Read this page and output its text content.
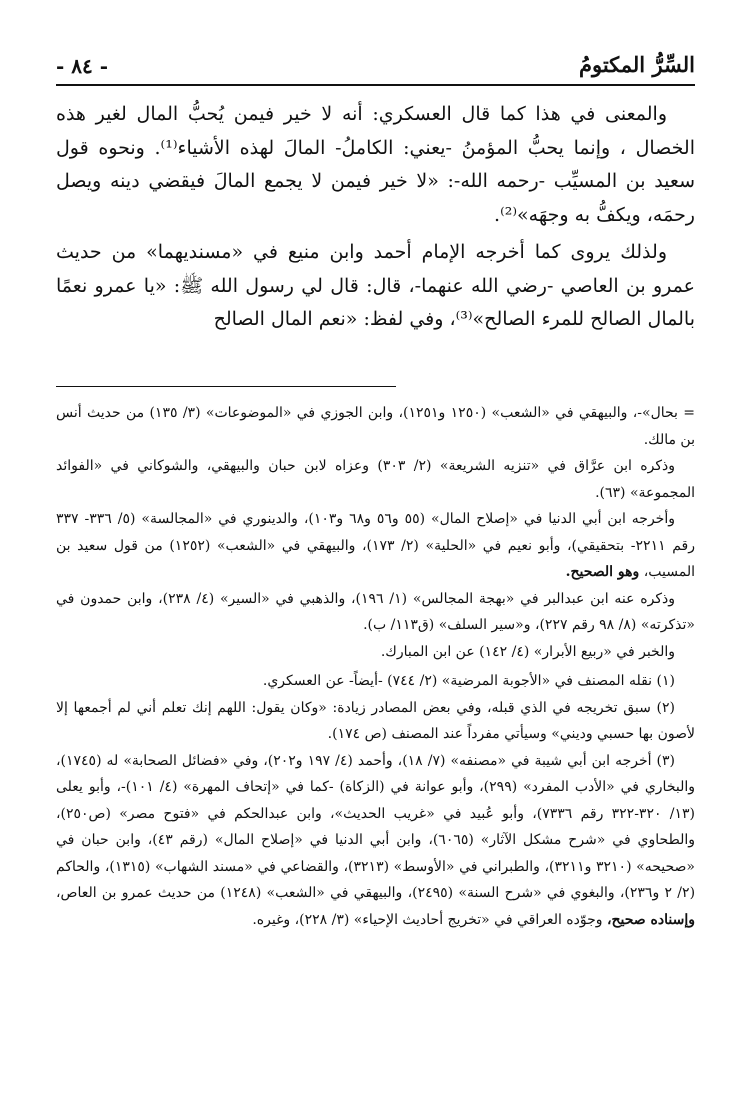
السِّرُّ المكتومُ
- ٨٤ -

والمعنى في هذا كما قال العسكري: أنه لا خير فيمن يُحبُّ المال لغير هذه الخصال ، وإنما يحبُّ المؤمنُ -يعني: الكاملُ- المالَ لهذه الأشياء⁽¹⁾. ونحوه قول سعيد بن المسيِّب -رحمه الله-: «لا خير فيمن لا يجمع المالَ فيقضي دينه ويصل رحمَه، ويكفُّ به وجهَه»⁽²⁾.

ولذلك يروى كما أخرجه الإمام أحمد وابن منيع في «مسنديهما» من حديث عمرو بن العاصي -رضي الله عنهما-، قال: قال لي رسول الله ﷺ: «يا عمرو نعمًا بالمال الصالح للمرء الصالح»⁽³⁾، وفي لفظ: «نعم المال الصالح

= بحال»-، والبيهقي في «الشعب» (١٢٥٠ و١٢٥١)، وابن الجوزي في «الموضوعات» (٣/ ١٣٥) من حديث أنس بن مالك.

وذكره ابن عرَّاق في «تنزيه الشريعة» (٢/ ٣٠٣) وعزاه لابن حبان والبيهقي، والشوكاني في «الفوائد المجموعة» (٦٣).

وأخرجه ابن أبي الدنيا في «إصلاح المال» (٥٥ و٥٦ و٦٨ و١٠٣)، والدينوري في «المجالسة» (٥/ ٣٣٦- ٣٣٧ رقم ٢٢١١- بتحقيقي)، وأبو نعيم في «الحلية» (٢/ ١٧٣)، والبيهقي في «الشعب» (١٢٥٢) من قول سعيد بن المسيب، وهو الصحيح.

وذكره عنه ابن عبدالبر في «بهجة المجالس» (١/ ١٩٦)، والذهبي في «السير» (٤/ ٢٣٨)، وابن حمدون في «تذكرته» (٨/ ٩٨ رقم ٢٢٧)، و«سير السلف» (ق١١٣/ ب).

والخبر في «ربيع الأبرار» (٤/ ١٤٢) عن ابن المبارك.

(١) نقله المصنف في «الأجوبة المرضية» (٢/ ٧٤٤) -أيضاً- عن العسكري.

(٢) سبق تخريجه في الذي قبله، وفي بعض المصادر زيادة: «وكان يقول: اللهم إنك تعلم أني لم أجمعها إلا لأصون بها حسبي وديني» وسيأتي مفرداً عند المصنف (ص ١٧٤).

(٣) أخرجه ابن أبي شيبة في «مصنفه» (٧/ ١٨)، وأحمد (٤/ ١٩٧ و٢٠٢)، وفي «فضائل الصحابة» له (١٧٤٥)، والبخاري في «الأدب المفرد» (٢٩٩)، وأبو عوانة في (الزكاة) -كما في «إتحاف المهرة» (٤/ ١٠١)-، وأبو يعلى (١٣/ ٣٢٠-٣٢٢ رقم ٧٣٣٦)، وأبو عُبيد في «غريب الحديث»، وابن عبدالحكم في «فتوح مصر» (ص٢٥٠)، والطحاوي في «شرح مشكل الآثار» (٦٠٦٥)، وابن أبي الدنيا في «إصلاح المال» (رقم ٤٣)، وابن حبان في «صحيحه» (٣٢١٠ و٣٢١١)، والطبراني في «الأوسط» (٣٢١٣)، والقضاعي في «مسند الشهاب» (١٣١٥)، والحاكم (٢/ ٢ و٢٣٦)، والبغوي في «شرح السنة» (٢٤٩٥)، والبيهقي في «الشعب» (١٢٤٨) من حديث عمرو بن العاص، وإسناده صحيح، وجوّده العراقي في «تخريج أحاديث الإحياء» (٣/ ٢٢٨)، وغيره.
